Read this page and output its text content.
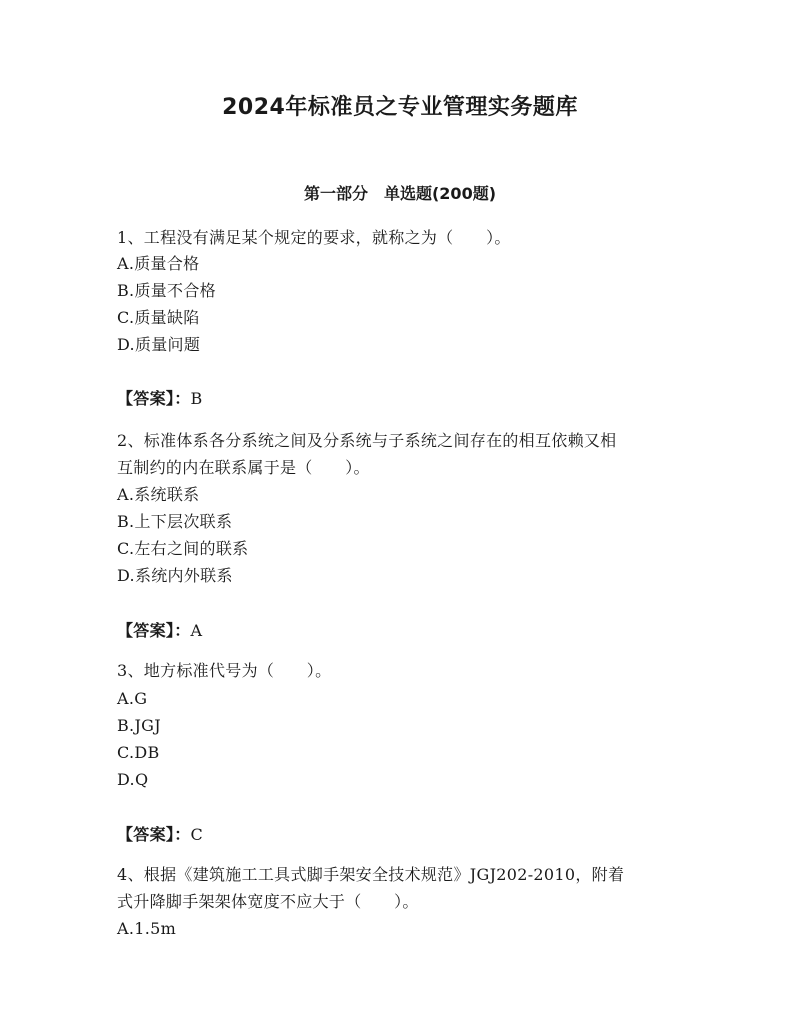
2024年标准员之专业管理实务题库
第一部分　单选题(200题)
1、工程没有满足某个规定的要求，就称之为（　　）。
A.质量合格
B.质量不合格
C.质量缺陷
D.质量问题
【答案】：B
2、标准体系各分系统之间及分系统与子系统之间存在的相互依赖又相
互制约的内在联系属于是（　　）。
A.系统联系
B.上下层次联系
C.左右之间的联系
D.系统内外联系
【答案】：A
3、地方标准代号为（　　）。
A.G
B.JGJ
C.DB
D.Q
【答案】：C
4、根据《建筑施工工具式脚手架安全技术规范》JGJ202-2010，附着
式升降脚手架架体宽度不应大于（　　）。
A.1.5m
